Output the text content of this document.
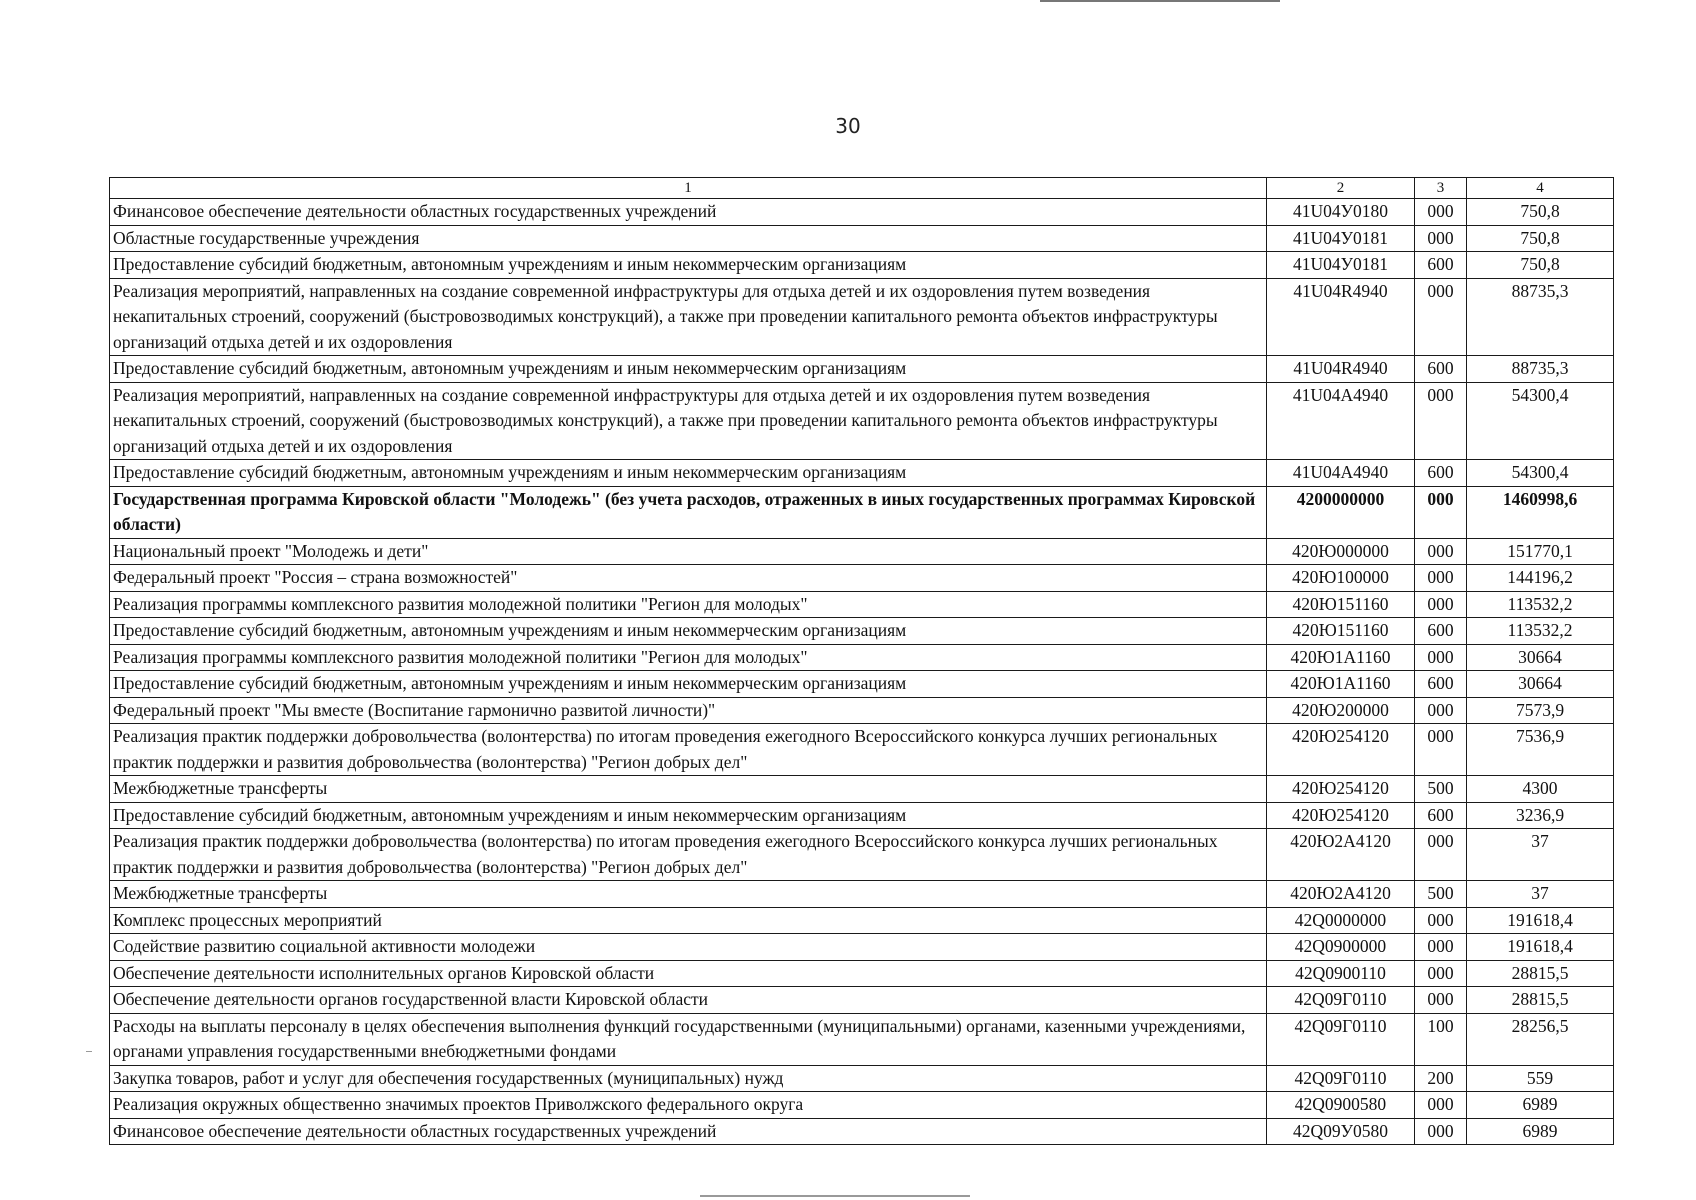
30
1	2	3	4
Финансовое обеспечение деятельности областных государственных учреждений	41U04У0180	000	750,8
Областные государственные учреждения	41U04У0181	000	750,8
Предоставление субсидий бюджетным, автономным учреждениям и иным некоммерческим организациям	41U04У0181	600	750,8
Реализация мероприятий, направленных на создание современной инфраструктуры для отдыха детей и их оздоровления путем возведения некапитальных строений, сооружений (быстровозводимых конструкций), а также при проведении капитального ремонта объектов инфраструктуры организаций отдыха детей и их оздоровления	41U04R4940	000	88735,3
Предоставление субсидий бюджетным, автономным учреждениям и иным некоммерческим организациям	41U04R4940	600	88735,3
Реализация мероприятий, направленных на создание современной инфраструктуры для отдыха детей и их оздоровления путем возведения некапитальных строений, сооружений (быстровозводимых конструкций), а также при проведении капитального ремонта объектов инфраструктуры организаций отдыха детей и их оздоровления	41U04A4940	000	54300,4
Предоставление субсидий бюджетным, автономным учреждениям и иным некоммерческим организациям	41U04A4940	600	54300,4
Государственная программа Кировской области "Молодежь" (без учета расходов, отраженных в иных государственных программах Кировской области)	4200000000	000	1460998,6
Национальный проект "Молодежь и дети"	420Ю000000	000	151770,1
Федеральный проект "Россия – страна возможностей"	420Ю100000	000	144196,2
Реализация программы комплексного развития молодежной политики "Регион для молодых"	420Ю151160	000	113532,2
Предоставление субсидий бюджетным, автономным учреждениям и иным некоммерческим организациям	420Ю151160	600	113532,2
Реализация программы комплексного развития молодежной политики "Регион для молодых"	420Ю1A1160	000	30664
Предоставление субсидий бюджетным, автономным учреждениям и иным некоммерческим организациям	420Ю1A1160	600	30664
Федеральный проект "Мы вместе (Воспитание гармонично развитой личности)"	420Ю200000	000	7573,9
Реализация практик поддержки добровольчества (волонтерства) по итогам проведения ежегодного Всероссийского конкурса лучших региональных практик поддержки и развития добровольчества (волонтерства) "Регион добрых дел"	420Ю254120	000	7536,9
Межбюджетные трансферты	420Ю254120	500	4300
Предоставление субсидий бюджетным, автономным учреждениям и иным некоммерческим организациям	420Ю254120	600	3236,9
Реализация практик поддержки добровольчества (волонтерства) по итогам проведения ежегодного Всероссийского конкурса лучших региональных практик поддержки и развития добровольчества (волонтерства) "Регион добрых дел"	420Ю2A4120	000	37
Межбюджетные трансферты	420Ю2A4120	500	37
Комплекс процессных мероприятий	42Q0000000	000	191618,4
Содействие развитию социальной активности молодежи	42Q0900000	000	191618,4
Обеспечение деятельности исполнительных органов Кировской области	42Q0900110	000	28815,5
Обеспечение деятельности органов государственной власти Кировской области	42Q09Г0110	000	28815,5
Расходы на выплаты персоналу в целях обеспечения выполнения функций государственными (муниципальными) органами, казенными учреждениями, органами управления государственными внебюджетными фондами	42Q09Г0110	100	28256,5
Закупка товаров, работ и услуг для обеспечения государственных (муниципальных) нужд	42Q09Г0110	200	559
Реализация окружных общественно значимых проектов Приволжского федерального округа	42Q0900580	000	6989
Финансовое обеспечение деятельности областных государственных учреждений	42Q09У0580	000	6989
